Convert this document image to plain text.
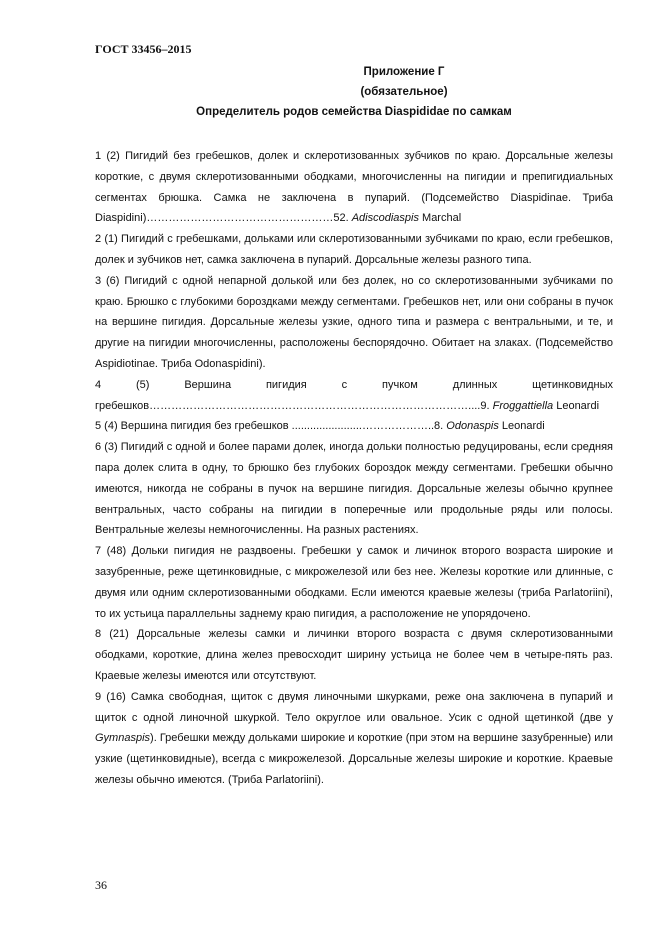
ГОСТ 33456–2015
Приложение Г
(обязательное)
Определитель родов семейства Diaspididae по самкам

1 (2) Пигидий без гребешков, долек и склеротизованных зубчиков по краю. Дорсальные железы короткие, с двумя склеротизованными ободками, многочисленны на пигидии и препигидиальных сегментах брюшка. Самка не заключена в пупарий. (Подсемейство Diaspidinae. Триба Diaspidini)……………………………………………52. Adiscodiaspis Marchal

2 (1) Пигидий с гребешками, дольками или склеротизованными зубчиками по краю, если гребешков, долек и зубчиков нет, самка заключена в пупарий. Дорсальные железы разного типа.

3 (6) Пигидий с одной непарной долькой или без долек, но со склеротизованными зубчиками по краю. Брюшко с глубокими бороздками между сегментами. Гребешков нет, или они собраны в пучок на вершине пигидия. Дорсальные железы узкие, одного типа и размера с вентральными, и те, и другие на пигидии многочисленны, расположены беспорядочно. Обитает на злаках. (Подсемейство Aspidiotinae. Триба Odonaspidini).

4 (5) Вершина пигидия с пучком длинных щетинковидных гребешков……………………………………………………………………………....9. Froggattiella Leonardi

5 (4) Вершина пигидия без гребешков .......................………………..8. Odonaspis Leonardi

6 (3) Пигидий с одной и более парами долек, иногда дольки полностью редуцированы, если средняя пара долек слита в одну, то брюшко без глубоких бороздок между сегментами. Гребешки обычно имеются, никогда не собраны в пучок на вершине пигидия. Дорсальные железы обычно крупнее вентральных, часто собраны на пигидии в поперечные или продольные ряды или полосы. Вентральные железы немногочисленны. На разных растениях.

7 (48) Дольки пигидия не раздвоены. Гребешки у самок и личинок второго возраста широкие и зазубренные, реже щетинковидные, с микрожелезой или без нее. Железы короткие или длинные, с двумя или одним склеротизованными ободками. Если имеются краевые железы (триба Parlatoriini), то их устьица параллельны заднему краю пигидия, а расположение не упорядочено.

8 (21) Дорсальные железы самки и личинки второго возраста с двумя склеротизованными ободками, короткие, длина желез превосходит ширину устьица не более чем в четыре-пять раз. Краевые железы имеются или отсутствуют.

9 (16) Самка свободная, щиток с двумя линочными шкурками, реже она заключена в пупарий и щиток с одной линочной шкуркой. Тело округлое или овальное. Усик с одной щетинкой (две у Gymnaspis). Гребешки между дольками широкие и короткие (при этом на вершине зазубренные) или узкие (щетинковидные), всегда с микрожелезой. Дорсальные железы широкие и короткие. Краевые железы обычно имеются. (Триба Parlatoriini).

36
